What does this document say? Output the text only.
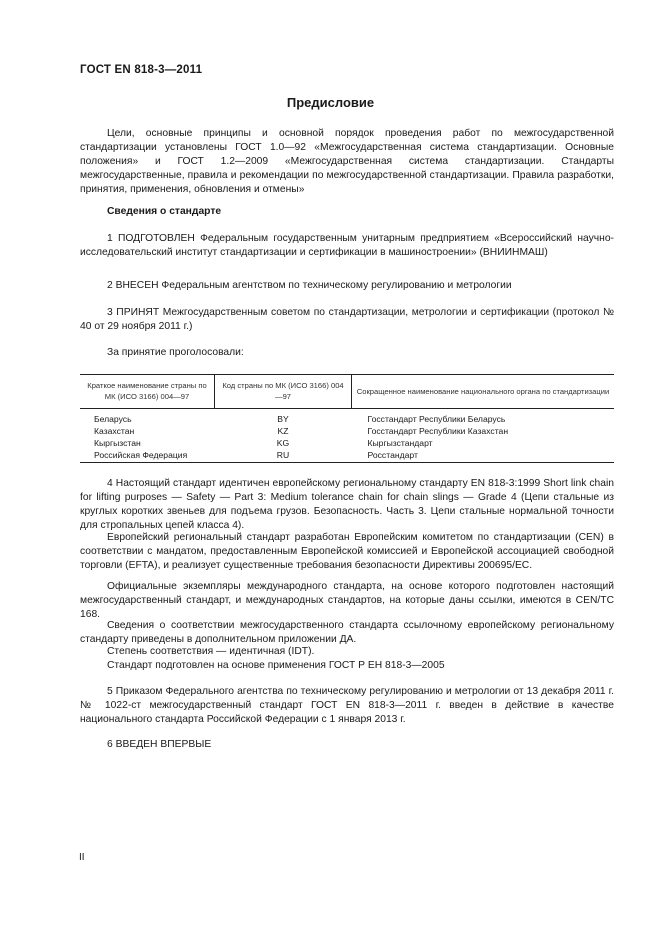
ГОСТ EN 818-3—2011
Предисловие
Цели, основные принципы и основной порядок проведения работ по межгосударственной стандартизации установлены ГОСТ 1.0—92 «Межгосударственная система стандартизации. Основные положения» и ГОСТ 1.2—2009 «Межгосударственная система стандартизации. Стандарты межгосударственные, правила и рекомендации по межгосударственной стандартизации. Правила разработки, принятия, применения, обновления и отмены»
Сведения о стандарте
1 ПОДГОТОВЛЕН Федеральным государственным унитарным предприятием «Всероссийский научно-исследовательский институт стандартизации и сертификации в машиностроении» (ВНИИНМАШ)
2 ВНЕСЕН Федеральным агентством по техническому регулированию и метрологии
3 ПРИНЯТ Межгосударственным советом по стандартизации, метрологии и сертификации (протокол № 40 от 29 ноября 2011 г.)
За принятие проголосовали:
Краткое наименование страны по МК (ИСО 3166) 004—97	Код страны по МК (ИСО 3166) 004—97	Сокращенное наименование национального органа по стандартизации
Беларусь	BY	Госстандарт Республики Беларусь
Казахстан	KZ	Госстандарт Республики Казахстан
Кыргызстан	KG	Кыргызстандарт
Российская Федерация	RU	Росстандарт
4 Настоящий стандарт идентичен европейскому региональному стандарту EN 818-3:1999 Short link chain for lifting purposes — Safety — Part 3: Medium tolerance chain for chain slings — Grade 4 (Цепи стальные из круглых коротких звеньев для подъема грузов. Безопасность. Часть 3. Цепи стальные нормальной точности для стропальных цепей класса 4).
Европейский региональный стандарт разработан Европейским комитетом по стандартизации (CEN) в соответствии с мандатом, предоставленным Европейской комиссией и Европейской ассоциацией свободной торговли (EFTA), и реализует существенные требования безопасности Директивы 200695/EC.
Официальные экземпляры международного стандарта, на основе которого подготовлен настоящий межгосударственный стандарт, и международных стандартов, на которые даны ссылки, имеются в CEN/TC 168.
Сведения о соответствии межгосударственного стандарта ссылочному европейскому региональному стандарту приведены в дополнительном приложении ДА.
Степень соответствия — идентичная (IDT).
Стандарт подготовлен на основе применения ГОСТ Р ЕН 818-3—2005
5 Приказом Федерального агентства по техническому регулированию и метрологии от 13 декабря 2011 г. № 1022-ст межгосударственный стандарт ГОСТ EN 818-3—2011 г. введен в действие в качестве национального стандарта Российской Федерации с 1 января 2013 г.
6 ВВЕДЕН ВПЕРВЫЕ
II
